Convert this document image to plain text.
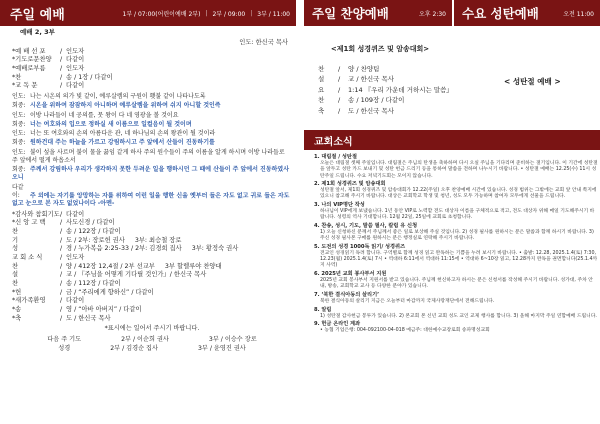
주일 예배	1부 / 07:00(어린이예배 2부) | 2부 / 09:00 | 3부 / 11:00
예배 2, 3부
인도: 한신국 목사
*예 배 선 포	/ 인도자
*기도로문찬양	/ 다같이
*예배로부름	/ 인도자
*찬	/ 송 / 1장 / 다같이
*교 독 문	/ 다같이
인도: 나는 시온의 의가 빛 같이, 예루살렘의 구원이 횃불 같이 나타나도록
회중: 시온을 위하여 잠잠하지 아니하며 예루살렘을 위하여 쉬지 아니할 것인즉
인도: 이방 나라들이 네 공의를, 뭇 왕이 다 네 영광을 볼 것이요
회중: 너는 여호와의 입으로 정하실 새 이름으로 일컬음이 될 것이며
인도: 너는 또 여호와의 손의 아름다운 관, 네 하나님의 손의 왕관이 될 것이라
회중: 원하건대 주는 하늘을 가르고 강림하시고 주 앞에서 산들이 진동하기를
인도: 불이 섶을 사르며 불이 물을 끓임 같게 하사 주의 원수들이 주의 이름을 알게 하시며 이방 나라들로 주 앞에서 떨게 하옵소서
회중: 주께서 강림하사 우리가 생각하지 못한 두려운 일을 행하시던 그 때에 산들이 주 앞에서 진동하였사오니
다같이: 주 외에는 자기를 앙망하는 자를 위하여 이런 일을 행한 신을 옛부터 들은 자도 없고 귀로 들은 자도 없고 눈으로 본 자도 없었나이다 -아멘-
*감사와 참회기도 / 다같이
*신 앙 고 백	/ 사도신경 / 다같이
찬	/ 송 / 122장 / 다같이
기	/ 도 / 2부: 장로헌 권사 3부: 최승철 장로
성	/ 경 / 누가복음 2:25-33 / 2부: 김경희 집사 3부: 황정숙 권사
교 회 소 식	/ 인도자
찬	/ 양 / 412장 12,4절 / 2부 선교부 3부 할렐루야 찬양대
설	/ 교 / 『주님을 어떻게 기다릴 것인가』/ 한신국 목사
찬	/ 송 / 112장 / 다같이
*헌	/ 금 / “주리에게 향하신” / 다같이
*새가족환영	/ 다같이
*송	/ 영 / “아바 아버지” / 다같이
*축	/ 도 / 한신국 목사
*표시에는 일어서 주시기 바랍니다.
다음 주 기도	2부 / 이순희 권사	3부 / 이승수 장로
성경	2부 / 김경순 집사	3부 / 윤영진 권사
주일 찬양예배	오후 2:30	수요 성탄예배	오전 11:00
<제1회 성경퀴즈 및 암송대회>
찬	/	양 / 찬양팀
설	/	교 / 한신국 목사
요	/	1:14 『우리 가운데 거하시는 말씀』
찬	/	송 / 109장 / 다같이
축	/	도 / 한신국 목사
< 성탄절 예배 >
교회소식
1. 대림절 / 성탄절
오늘은 대림절 셋째 주일입니다. 대림절은 주님의 탄생을 축하하며 다시 오실 주님을 기다리며 준비하는 절기입니다. 이 기간에 성탄절을 앞두고 성탄 카드 보내기 및 성탄 헌금 드리기 등을 통하여 말씀을 전하며 나누시기 바랍니다. • 성탄절 예배는 12.25(수) 11시 성탄주일 드립니다. 수요 저녁기도회는 모이지 않습니다.
2. 제1회 성경퀴즈 및 암송대회
성탄절 앞서, 제1회 성경퀴즈 및 암송대회가 12.22(주일) 오후 찬양예배 시간에 있습니다. 성경 범위는 그밖에는 교회 앞 안내 쪽지에 있으니 참고해 주시기 바랍니다. 대상은 교회학교 학생 및 청년, 성도 모두 가능하며 참여자 모두에게 선물을 드립니다.
3. 나의 VIP명단 작성
하나님이 VIP에게 보냈습니다. 1년 동안 VIP로 노력할 전도 대상자 이름을 구체적으로 적고, 전도 대상자 위해 매일 기도해주시기 바랍니다. 성령의 역사 기대합니다. 12월 22일, 25일에 교회로 초청합니다.
4. 찬송, 성시, 기도, 말씀 필사, 칼럼 유 신청
1) 오늘 신청하신 분께서 주님께서 좋은 일로 보상해 주실 것입니다. 2) 성경 필사를 원하시는 분은 말씀과 함께 하시기 바랍니다. 3) 주신 성경 필사본 구매를 원하시는 분은 행정실로 연락해 주시기 바랍니다.
5. 도전의 성경 1000독 읽기/ 성경퀴즈
전교인 성경읽기 독려 합니다. 구역별로 함께 성경 읽고 완독하는 기쁨을 누려 보시기 바랍니다. • 출발: 12.28, 2025.1.4(토) 7:30, 12.23(월) 2025.1.4(토) 7시 • 역대하 6:11에서 역대하 11:15에 • 역대하 6~10장 읽고, 12.28까지 완독을 권면합니다(25.1.4까지 사역)
6. 2025년 교회 봉사부서 지원
2025년 교회 봉사부서 지원서를 받고 있습니다. 주님께 헌신하고자 하시는 분은 신청서를 작성해 주시기 바랍니다. 성가대, 주차 안내, 방송, 교회학교 교사 등 다양한 분야가 있습니다.
7. ‘북한 결식아동의 살리기’
북한 결식아동의 살리기 지금은 오늘부터 마감까지 국제사랑재단에서 전해드립니다.
8. 알림
1) 성탄절 감사헌금 봉투가 있습니다. 2) 본교회 본 신년 교회 성도 교인 교제 행사를 합니다. 3) 올해 마지막 주일 연합예배 드립니다.
9. 헌금 온라인 계좌
• 농협 기업은행: 004-092100-04-018 예금주: 대한예수교장로회 송파명성교회
